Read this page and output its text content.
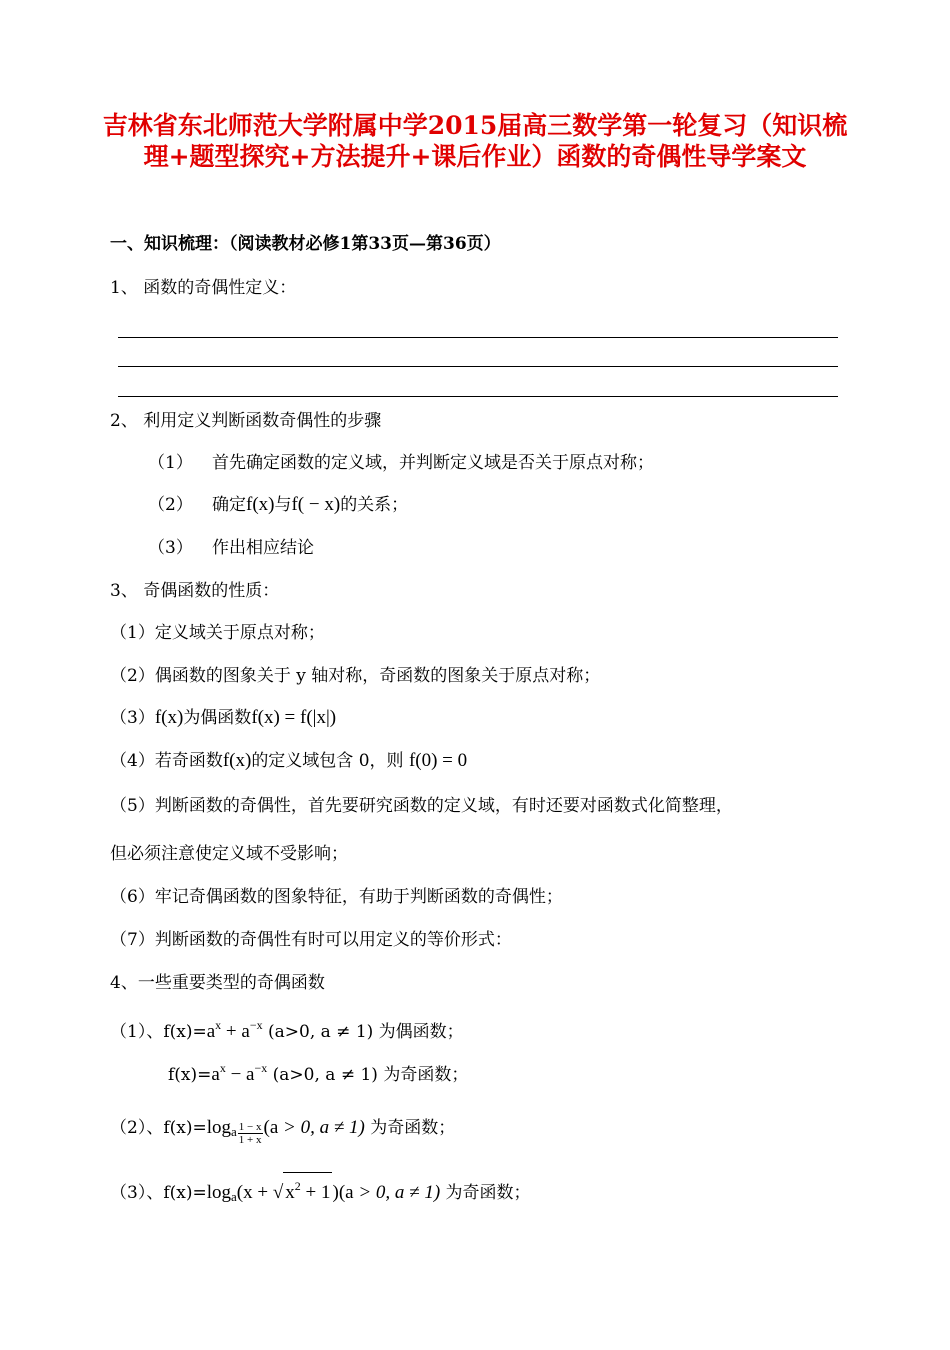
吉林省东北师范大学附属中学2015届高三数学第一轮复习（知识梳理+题型探究+方法提升+课后作业）函数的奇偶性导学案文
一、知识梳理：（阅读教材必修1第33页—第36页）
1、 函数的奇偶性定义：
2、 利用定义判断函数奇偶性的步骤
（1） 首先确定函数的定义域，并判断定义域是否关于原点对称；
（2） 确定f(x)与f( − x)的关系；
（3） 作出相应结论
3、 奇偶函数的性质：
（1）定义域关于原点对称；
（2）偶函数的图象关于 y 轴对称，奇函数的图象关于原点对称；
（3）f(x)为偶函数f(x) = f(|x|)
（4）若奇函数f(x)的定义域包含 0，则 f(0) = 0
（5）判断函数的奇偶性，首先要研究函数的定义域，有时还要对函数式化简整理，
但必须注意使定义域不受影响；
（6）牢记奇偶函数的图象特征，有助于判断函数的奇偶性；
（7）判断函数的奇偶性有时可以用定义的等价形式：
4、一些重要类型的奇偶函数
（1）、$f(x)=a^x + a^{-x}$ (a>0, a ≠ 1) 为偶函数；
$f(x)=a^x - a^{-x}$ (a>0, a ≠ 1) 为奇函数；
（2）、$f(x)=\log_{a \frac{1 - x}{1 + x}}$ (a > 0, a ≠ 1) 为奇函数；
（3）、$f(x)=\log_a(x$ + √ $x^2 + 1$ )(a > 0, a ≠ 1) 为奇函数；
